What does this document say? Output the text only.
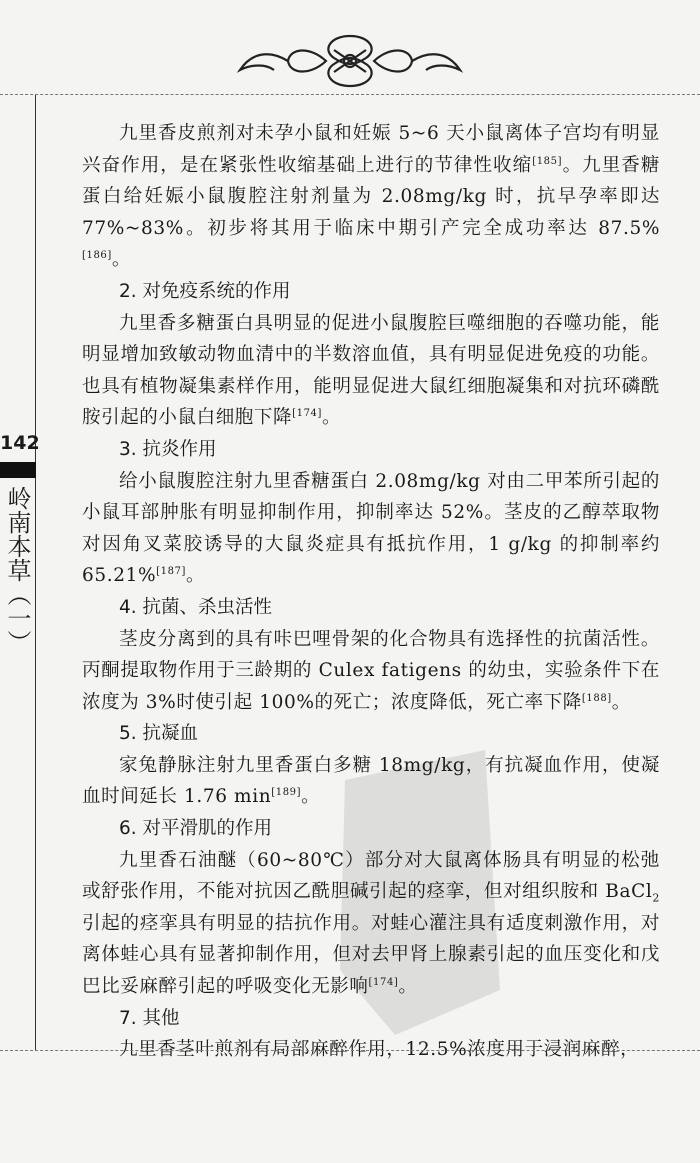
142
岭南本草（一）

九里香皮煎剂对未孕小鼠和妊娠 5~6 天小鼠离体子宫均有明显兴奋作用，是在紧张性收缩基础上进行的节律性收缩[185]。九里香糖蛋白给妊娠小鼠腹腔注射剂量为 2.08mg/kg 时，抗早孕率即达77%~83%。初步将其用于临床中期引产完全成功率达 87.5%[186]。

2. 对免疫系统的作用

九里香多糖蛋白具明显的促进小鼠腹腔巨噬细胞的吞噬功能，能明显增加致敏动物血清中的半数溶血值，具有明显促进免疫的功能。也具有植物凝集素样作用，能明显促进大鼠红细胞凝集和对抗环磷酰胺引起的小鼠白细胞下降[174]。

3. 抗炎作用

给小鼠腹腔注射九里香糖蛋白 2.08mg/kg 对由二甲苯所引起的小鼠耳部肿胀有明显抑制作用，抑制率达 52%。茎皮的乙醇萃取物对因角叉菜胶诱导的大鼠炎症具有抵抗作用，1 g/kg 的抑制率约 65.21%[187]。

4. 抗菌、杀虫活性

茎皮分离到的具有咔巴哩骨架的化合物具有选择性的抗菌活性。丙酮提取物作用于三龄期的 Culex fatigens 的幼虫，实验条件下在浓度为 3%时使引起 100%的死亡；浓度降低，死亡率下降[188]。

5. 抗凝血

家兔静脉注射九里香蛋白多糖 18mg/kg，有抗凝血作用，使凝血时间延长 1.76 min[189]。

6. 对平滑肌的作用

九里香石油醚（60~80℃）部分对大鼠离体肠具有明显的松弛或舒张作用，不能对抗因乙酰胆碱引起的痉挛，但对组织胺和 BaCl$_2$ 引起的痉挛具有明显的拮抗作用。对蛙心灌注具有适度刺激作用，对离体蛙心具有显著抑制作用，但对去甲肾上腺素引起的血压变化和戊巴比妥麻醉引起的呼吸变化无影响[174]。

7. 其他

九里香茎叶煎剂有局部麻醉作用，12.5%浓度用于浸润麻醉，
